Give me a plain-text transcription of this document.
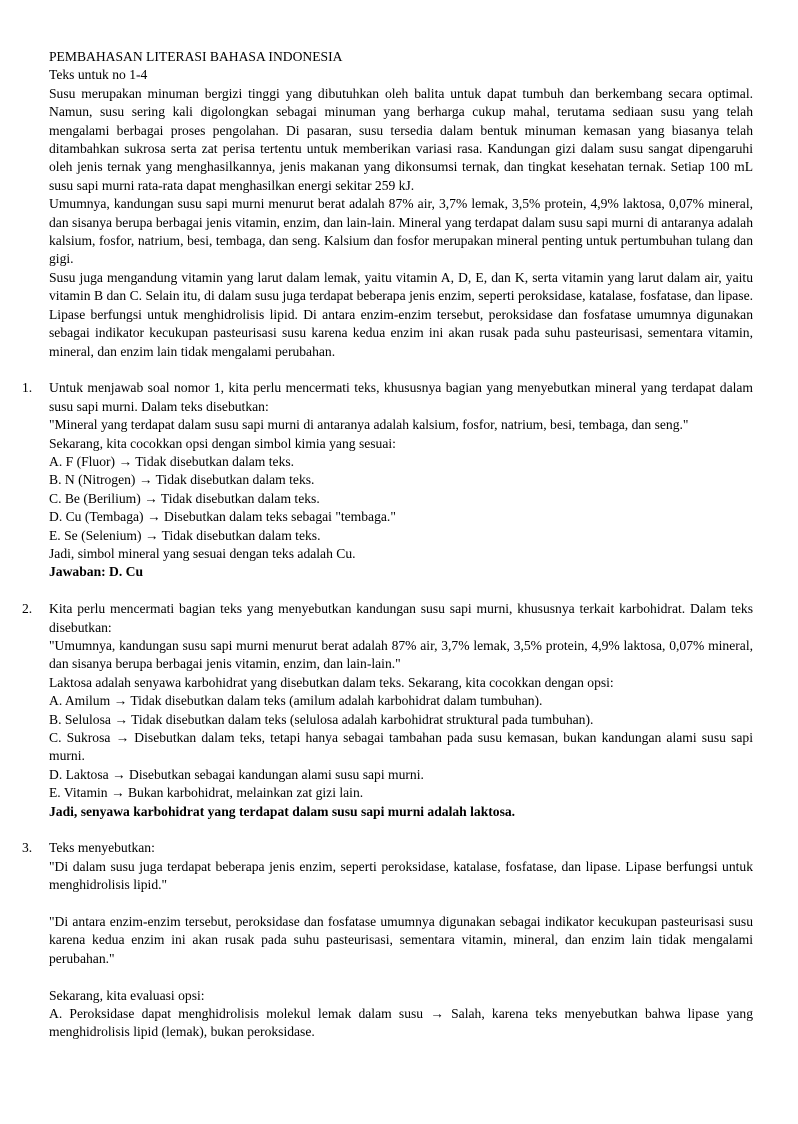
PEMBAHASAN LITERASI BAHASA INDONESIA

Teks untuk no 1-4

Susu merupakan minuman bergizi tinggi yang dibutuhkan oleh balita untuk dapat tumbuh dan berkembang secara optimal. Namun, susu sering kali digolongkan sebagai minuman yang berharga cukup mahal, terutama sediaan susu yang telah mengalami berbagai proses pengolahan. Di pasaran, susu tersedia dalam bentuk minuman kemasan yang biasanya telah ditambahkan sukrosa serta zat perisa tertentu untuk memberikan variasi rasa. Kandungan gizi dalam susu sangat dipengaruhi oleh jenis ternak yang menghasilkannya, jenis makanan yang dikonsumsi ternak, dan tingkat kesehatan ternak. Setiap 100 mL susu sapi murni rata-rata dapat menghasilkan energi sekitar 259 kJ.

Umumnya, kandungan susu sapi murni menurut berat adalah 87% air, 3,7% lemak, 3,5% protein, 4,9% laktosa, 0,07% mineral, dan sisanya berupa berbagai jenis vitamin, enzim, dan lain-lain. Mineral yang terdapat dalam susu sapi murni di antaranya adalah kalsium, fosfor, natrium, besi, tembaga, dan seng. Kalsium dan fosfor merupakan mineral penting untuk pertumbuhan tulang dan gigi.

Susu juga mengandung vitamin yang larut dalam lemak, yaitu vitamin A, D, E, dan K, serta vitamin yang larut dalam air, yaitu vitamin B dan C. Selain itu, di dalam susu juga terdapat beberapa jenis enzim, seperti peroksidase, katalase, fosfatase, dan lipase. Lipase berfungsi untuk menghidrolisis lipid. Di antara enzim-enzim tersebut, peroksidase dan fosfatase umumnya digunakan sebagai indikator kecukupan pasteurisasi susu karena kedua enzim ini akan rusak pada suhu pasteurisasi, sementara vitamin, mineral, dan enzim lain tidak mengalami perubahan.

1. Untuk menjawab soal nomor 1, kita perlu mencermati teks, khususnya bagian yang menyebutkan mineral yang terdapat dalam susu sapi murni. Dalam teks disebutkan:

"Mineral yang terdapat dalam susu sapi murni di antaranya adalah kalsium, fosfor, natrium, besi, tembaga, dan seng."

Sekarang, kita cocokkan opsi dengan simbol kimia yang sesuai:

A. F (Fluor) → Tidak disebutkan dalam teks.

B. N (Nitrogen) → Tidak disebutkan dalam teks.

C. Be (Berilium) → Tidak disebutkan dalam teks.

D. Cu (Tembaga) → Disebutkan dalam teks sebagai "tembaga."

E. Se (Selenium) → Tidak disebutkan dalam teks.

Jadi, simbol mineral yang sesuai dengan teks adalah Cu.

Jawaban: D. Cu

2. Kita perlu mencermati bagian teks yang menyebutkan kandungan susu sapi murni, khususnya terkait karbohidrat. Dalam teks disebutkan:

"Umumnya, kandungan susu sapi murni menurut berat adalah 87% air, 3,7% lemak, 3,5% protein, 4,9% laktosa, 0,07% mineral, dan sisanya berupa berbagai jenis vitamin, enzim, dan lain-lain."

Laktosa adalah senyawa karbohidrat yang disebutkan dalam teks. Sekarang, kita cocokkan dengan opsi:

A. Amilum → Tidak disebutkan dalam teks (amilum adalah karbohidrat dalam tumbuhan).

B. Selulosa → Tidak disebutkan dalam teks (selulosa adalah karbohidrat struktural pada tumbuhan).

C. Sukrosa → Disebutkan dalam teks, tetapi hanya sebagai tambahan pada susu kemasan, bukan kandungan alami susu sapi murni.

D. Laktosa → Disebutkan sebagai kandungan alami susu sapi murni.

E. Vitamin → Bukan karbohidrat, melainkan zat gizi lain.

Jadi, senyawa karbohidrat yang terdapat dalam susu sapi murni adalah laktosa.

3. Teks menyebutkan:

"Di dalam susu juga terdapat beberapa jenis enzim, seperti peroksidase, katalase, fosfatase, dan lipase. Lipase berfungsi untuk menghidrolisis lipid."

"Di antara enzim-enzim tersebut, peroksidase dan fosfatase umumnya digunakan sebagai indikator kecukupan pasteurisasi susu karena kedua enzim ini akan rusak pada suhu pasteurisasi, sementara vitamin, mineral, dan enzim lain tidak mengalami perubahan."

Sekarang, kita evaluasi opsi:

A. Peroksidase dapat menghidrolisis molekul lemak dalam susu → Salah, karena teks menyebutkan bahwa lipase yang menghidrolisis lipid (lemak), bukan peroksidase.
